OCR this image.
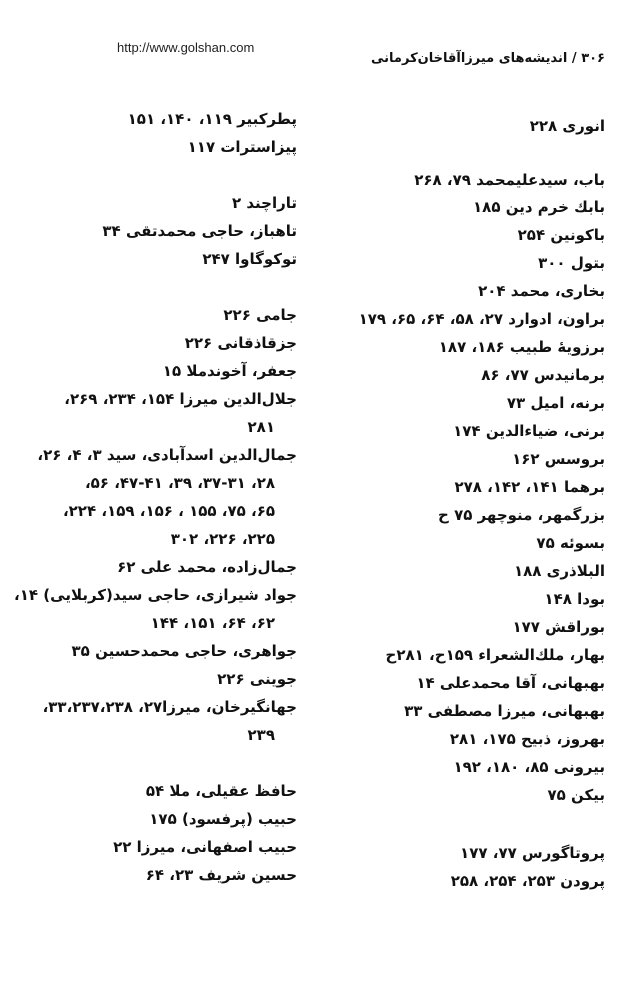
http://www.golshan.com
۳۰۶ / اندیشه‌های میرزاآقاخان‌کرمانی
انوری ۲۲۸
باب، سیدعلیمحمد ۷۹، ۲۶۸
بابك خرم دین ۱۸۵
باکونین ۲۵۴
بتول ۳۰۰
بخاری، محمد ۲۰۴
براون، ادوارد ۲۷، ۵۸، ۶۴، ۶۵، ۱۷۹
برزویهٔ طبیب ۱۸۶، ۱۸۷
برمانیدس ۷۷، ۸۶
برنه، امیل ۷۳
برنی، ضیاءالدین ۱۷۴
بروسس ۱۶۲
برهما ۱۴۱، ۱۴۲، ۲۷۸
بزرگمهر، منوچهر ۷۵ ح
بسوئه ۷۵
البلاذری ۱۸۸
بودا ۱۴۸
بوراقش ۱۷۷
بهار، ملك‌الشعراء ۱۵۹ح، ۲۸۱ح
بهبهانی، آقا محمدعلی ۱۴
بهبهانی، میرزا مصطفی ۳۳
بهروز، ذبیح ۱۷۵، ۲۸۱
بیرونی ۸۵، ۱۸۰، ۱۹۲
بیکن ۷۵
پروتاگورس ۷۷، ۱۷۷
پرودن ۲۵۳، ۲۵۴، ۲۵۸
پطرکبیر ۱۱۹، ۱۴۰، ۱۵۱
پیزاسترات ۱۱۷
تاراچند ۲
تاهباز، حاجی محمدتقی ۳۴
توکوگاوا ۲۴۷
جامی ۲۲۶
جزقاذقانی ۲۲۶
جعفر، آخوندملا ۱۵
جلال‌الدین میرزا ۱۵۴، ۲۳۴، ۲۶۹،
۲۸۱
جمال‌الدین اسدآبادی، سید ۳، ۴، ۲۶،
۲۸، ۳۷-۳۱، ۳۹، ۴۷-۴۱، ۵۶،
۶۵، ۷۵، ۱۵۵ ، ۱۵۶، ۱۵۹، ۲۲۴،
۲۲۵، ۲۲۶، ۳۰۲
جمال‌زاده، محمد علی ۶۲
جواد شیرازی، حاجی سید(کربلایی) ۱۴،
۶۲، ۶۴، ۱۵۱، ۱۴۴
جواهری، حاجی محمدحسین ۳۵
جوینی ۲۲۶
جهانگیرخان، میرزا۲۷، ۳۳،۲۳۷،۲۳۸،
۲۳۹
حافظ عقیلی، ملا ۵۴
حبیب (پرفسود) ۱۷۵
حبیب اصفهانی، میرزا ۲۲
حسین شریف ۲۳، ۶۴
